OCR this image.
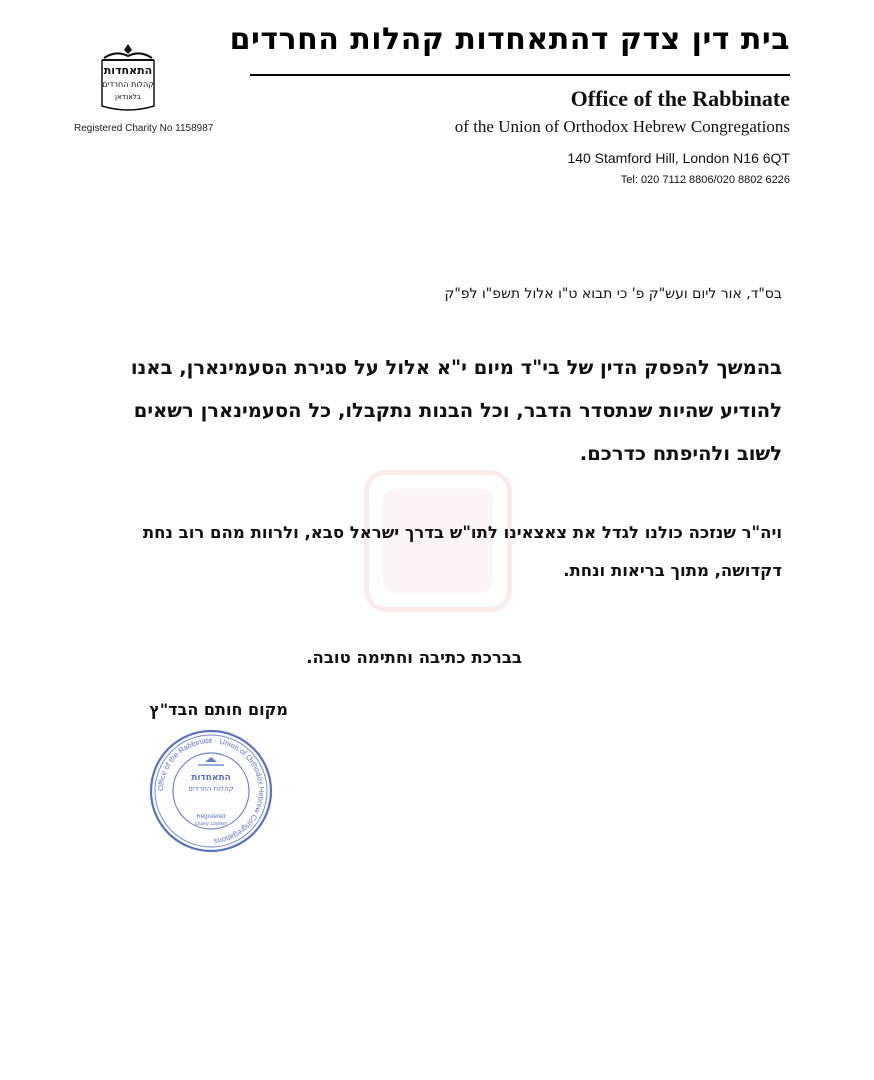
התאחדות
קהלות החרדים
בלאנדאן
Registered Charity No 1158987
בית דין צדק דהתאחדות קהלות החרדים
Office of the Rabbinate
of the Union of Orthodox Hebrew Congregations
140 Stamford Hill, London N16 6QT
Tel: 020 7112 8806/020 8802 6226
בס"ד, אור ליום ועש"ק פ' כי תבוא ט"ו אלול תשפ"ו לפ"ק
בהמשך להפסק הדין של בי"ד מיום י"א אלול על סגירת הסעמינארן, באנו להודיע שהיות שנתסדר הדבר, וכל הבנות נתקבלו, כל הסעמינארן רשאים לשוב ולהיפתח כדרכם.
ויה"ר שנזכה כולנו לגדל את צאצאינו לתו"ש בדרך ישראל סבא, ולרוות מהם רוב נחת דקדושה, מתוך בריאות ונחת.
בברכת כתיבה וחתימה טובה.
מקום חותם הבד"ץ
Office of the Rabbinate · Union of Orthodox Hebrew Congregations
התאחדות
קהלות החרדים
Registered
Charity 1158987
